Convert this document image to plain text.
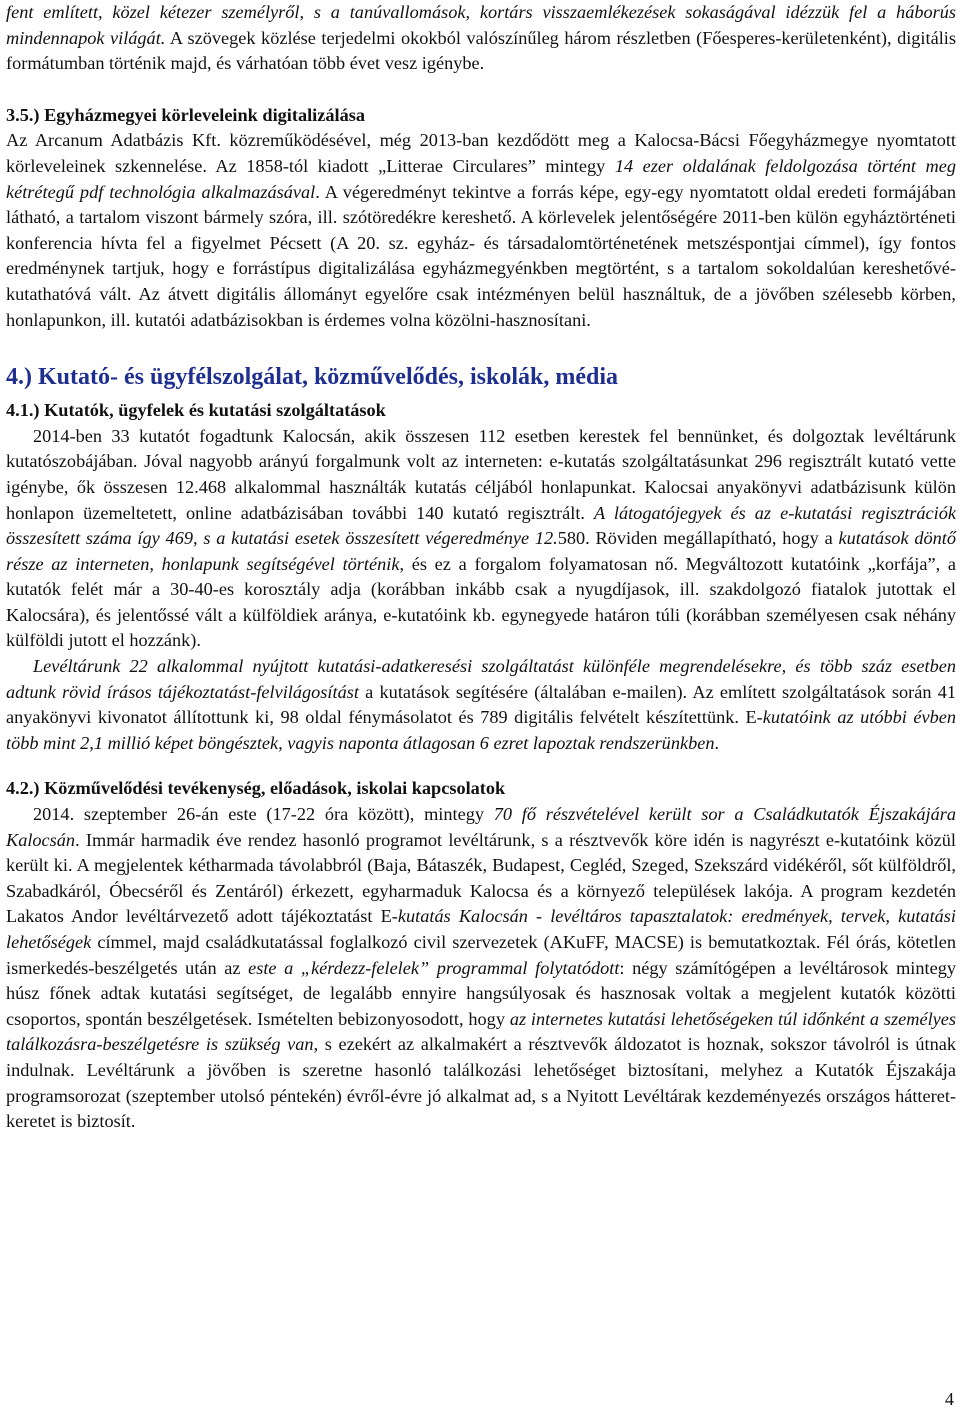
fent említett, közel kétezer személyről, s a tanúvallomások, kortárs visszaemlékezések sokaságával idézzük fel a háborús mindennapok világát. A szövegek közlése terjedelmi okokból valószínűleg három részletben (Főesperes-kerületenként), digitális formátumban történik majd, és várhatóan több évet vesz igénybe.

3.5.) Egyházmegyei körleveleink digitalizálása

Az Arcanum Adatbázis Kft. közreműködésével, még 2013-ban kezdődött meg a Kalocsa-Bácsi Főegyházmegye nyomtatott körleveleinek szkennelése. Az 1858-tól kiadott „Litterae Circulares” mintegy 14 ezer oldalának feldolgozása történt meg kétrétegű pdf technológia alkalmazásával. A végeredményt tekintve a forrás képe, egy-egy nyomtatott oldal eredeti formájában látható, a tartalom viszont bármely szóra, ill. szótöredékre kereshető. A körlevelek jelentőségére 2011-ben külön egyháztörténeti konferencia hívta fel a figyelmet Pécsett (A 20. sz. egyház- és társadalomtörténetének metszéspontjai címmel), így fontos eredménynek tartjuk, hogy e forrástípus digitalizálása egyházmegyénkben megtörtént, s a tartalom sokoldalúan kereshetővé-kutathatóvá vált. Az átvett digitális állományt egyelőre csak intézményen belül használtuk, de a jövőben szélesebb körben, honlapunkon, ill. kutatói adatbázisokban is érdemes volna közölni-hasznosítani.

4.) Kutató- és ügyfélszolgálat, közművelődés, iskolák, média

4.1.) Kutatók, ügyfelek és kutatási szolgáltatások

2014-ben 33 kutatót fogadtunk Kalocsán, akik összesen 112 esetben kerestek fel bennünket, és dolgoztak levéltárunk kutatószobájában. Jóval nagyobb arányú forgalmunk volt az interneten: e-kutatás szolgáltatásunkat 296 regisztrált kutató vette igénybe, ők összesen 12.468 alkalommal használták kutatás céljából honlapunkat. Kalocsai anyakönyvi adatbázisunk külön honlapon üzemeltetett, online adatbázisában további 140 kutató regisztrált. A látogatójegyek és az e-kutatási regisztrációk összesített száma így 469, s a kutatási esetek összesített végeredménye 12.580. Röviden megállapítható, hogy a kutatások döntő része az interneten, honlapunk segítségével történik, és ez a forgalom folyamatosan nő. Megváltozott kutatóink „korfája”, a kutatók felét már a 30-40-es korosztály adja (korábban inkább csak a nyugdíjasok, ill. szakdolgozó fiatalok jutottak el Kalocsára), és jelentőssé vált a külföldiek aránya, e-kutatóink kb. egynegyede határon túli (korábban személyesen csak néhány külföldi jutott el hozzánk).

Levéltárunk 22 alkalommal nyújtott kutatási-adatkeresési szolgáltatást különféle megrendelésekre, és több száz esetben adtunk rövid írásos tájékoztatást-felvilágosítást a kutatások segítésére (általában e-mailen). Az említett szolgáltatások során 41 anyakönyvi kivonatot állítottunk ki, 98 oldal fénymásolatot és 789 digitális felvételt készítettünk. E-kutatóink az utóbbi évben több mint 2,1 millió képet böngésztek, vagyis naponta átlagosan 6 ezret lapoztak rendszerünkben.

4.2.) Közművelődési tevékenység, előadások, iskolai kapcsolatok

2014. szeptember 26-án este (17-22 óra között), mintegy 70 fő részvételével került sor a Családkutatók Éjszakájára Kalocsán. Immár harmadik éve rendez hasonló programot levéltárunk, s a résztvevők köre idén is nagyrészt e-kutatóink közül került ki. A megjelentek kétharmada távolabbról (Baja, Bátaszék, Budapest, Cegléd, Szeged, Szekszárd vidékéről, sőt külföldről, Szabadkáról, Óbecséről és Zentáról) érkezett, egyharmaduk Kalocsa és a környező települések lakója. A program kezdetén Lakatos Andor levéltárvezető adott tájékoztatást E-kutatás Kalocsán - levéltáros tapasztalatok: eredmények, tervek, kutatási lehetőségek címmel, majd családkutatással foglalkozó civil szervezetek (AKuFF, MACSE) is bemutatkoztak. Fél órás, kötetlen ismerkedés-beszélgetés után az este a „kérdezz-felelek” programmal folytatódott: négy számítógépen a levéltárosok mintegy húsz főnek adtak kutatási segítséget, de legalább ennyire hangsúlyosak és hasznosak voltak a megjelent kutatók közötti csoportos, spontán beszélgetések. Ismételten bebizonyosodott, hogy az internetes kutatási lehetőségeken túl időnként a személyes találkozásra-beszélgetésre is szükség van, s ezekért az alkalmakért a résztvevők áldozatot is hoznak, sokszor távolról is útnak indulnak. Levéltárunk a jövőben is szeretne hasonló találkozási lehetőséget biztosítani, melyhez a Kutatók Éjszakája programsorozat (szeptember utolsó péntekén) évről-évre jó alkalmat ad, s a Nyitott Levéltárak kezdeményezés országos hátteret-keretet is biztosít.

4
